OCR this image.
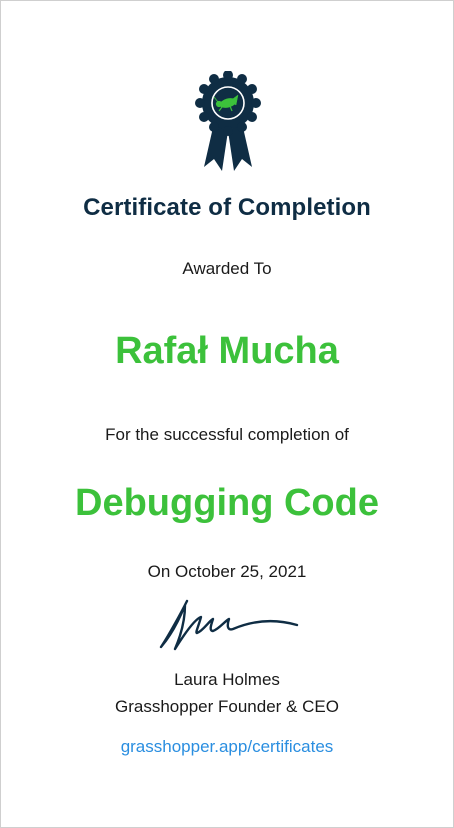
Certificate of Completion
Awarded To
Rafał Mucha
For the successful completion of
Debugging Code
On October 25, 2021
Laura Holmes
Grasshopper Founder & CEO
grasshopper.app/certificates
